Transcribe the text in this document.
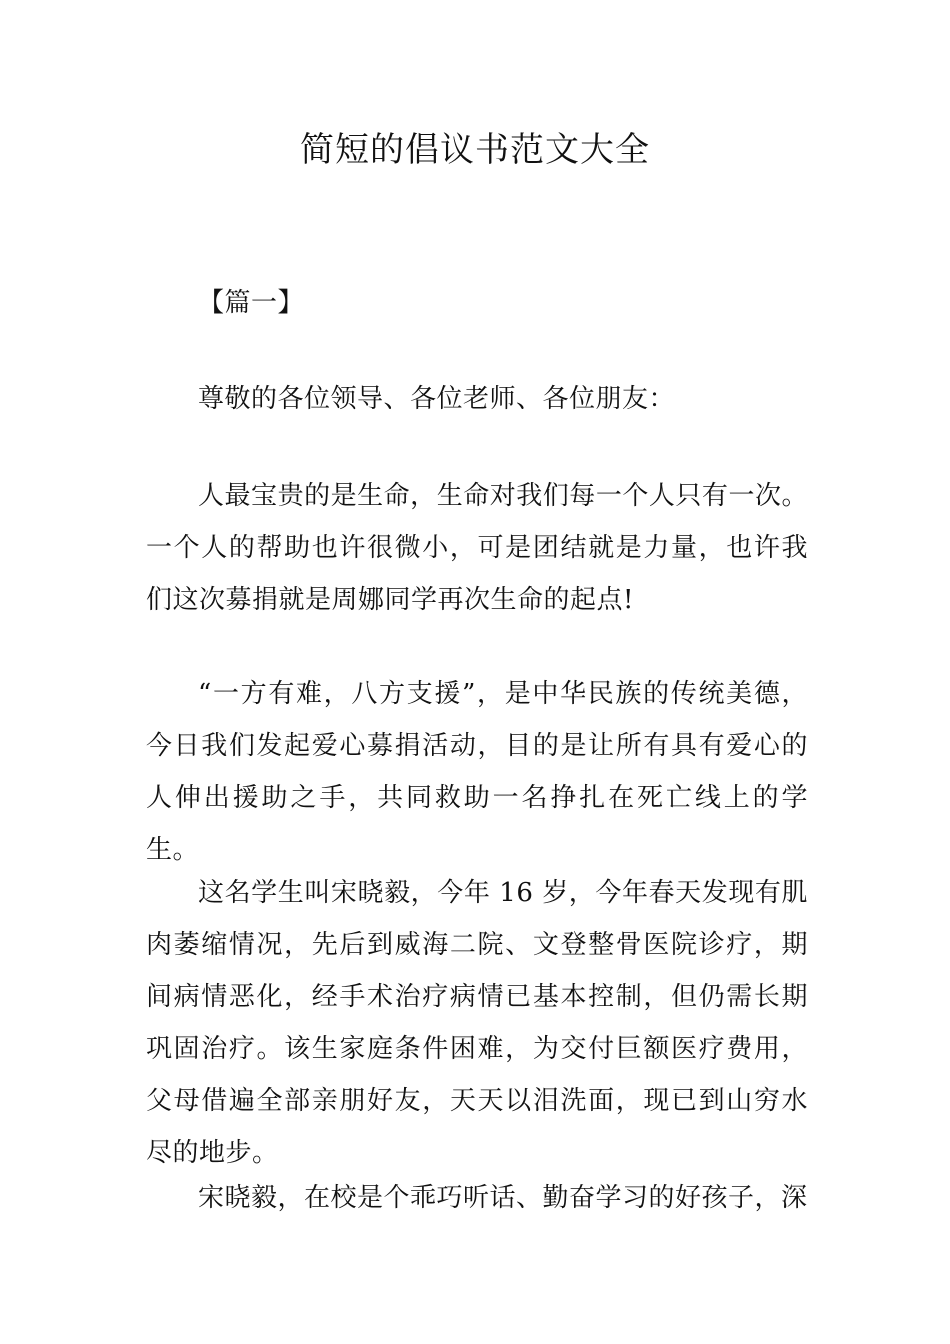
简短的倡议书范文大全

【篇一】

尊敬的各位领导、各位老师、各位朋友：

人最宝贵的是生命，生命对我们每一个人只有一次。一个人的帮助也许很微小，可是团结就是力量，也许我们这次募捐就是周娜同学再次生命的起点!

“一方有难，八方支援”，是中华民族的传统美德，今日我们发起爱心募捐活动，目的是让所有具有爱心的人伸出援助之手，共同救助一名挣扎在死亡线上的学生。

这名学生叫宋晓毅，今年 16 岁，今年春天发现有肌肉萎缩情况，先后到威海二院、文登整骨医院诊疗，期间病情恶化，经手术治疗病情已基本控制，但仍需长期巩固治疗。该生家庭条件困难，为交付巨额医疗费用，父母借遍全部亲朋好友，天天以泪洗面，现已到山穷水尽的地步。

宋晓毅，在校是个乖巧听话、勤奋学习的好孩子，深
